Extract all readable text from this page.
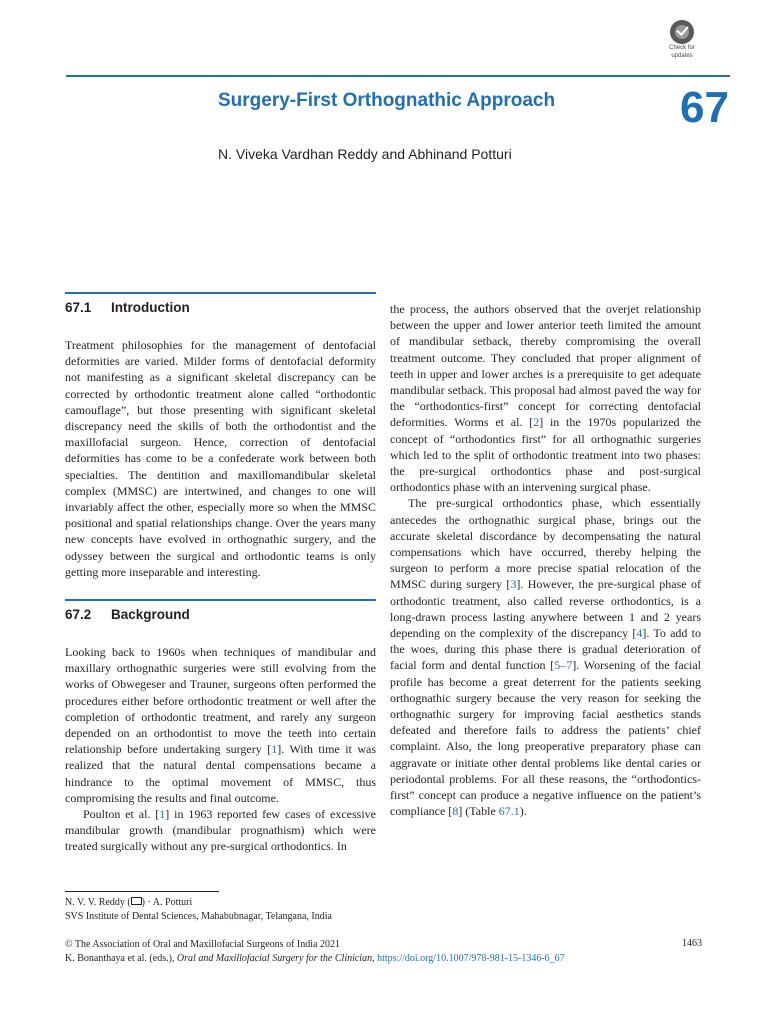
Check for
updates
Surgery-First Orthognathic Approach	67
N. Viveka Vardhan Reddy and Abhinand Potturi
67.1 Introduction

Treatment philosophies for the management of dentofacial deformities are varied. Milder forms of dentofacial deformity not manifesting as a significant skeletal discrepancy can be corrected by orthodontic treatment alone called “orthodontic camouflage”, but those presenting with significant skeletal discrepancy need the skills of both the orthodontist and the maxillofacial surgeon. Hence, correction of dentofacial deformities has come to be a confederate work between both specialties. The dentition and maxillomandibular skeletal complex (MMSC) are intertwined, and changes to one will invariably affect the other, especially more so when the MMSC positional and spatial relationships change. Over the years many new concepts have evolved in orthognathic surgery, and the odyssey between the surgical and orthodontic teams is only getting more inseparable and interesting.

67.2 Background

Looking back to 1960s when techniques of mandibular and maxillary orthognathic surgeries were still evolving from the works of Obwegeser and Trauner, surgeons often performed the procedures either before orthodontic treatment or well after the completion of orthodontic treatment, and rarely any surgeon depended on an orthodontist to move the teeth into certain relationship before undertaking surgery [1]. With time it was realized that the natural dental compensations became a hindrance to the optimal movement of MMSC, thus compromising the results and final outcome.

Poulton et al. [1] in 1963 reported few cases of excessive mandibular growth (mandibular prognathism) which were treated surgically without any pre-surgical orthodontics. In

the process, the authors observed that the overjet relationship between the upper and lower anterior teeth limited the amount of mandibular setback, thereby compromising the overall treatment outcome. They concluded that proper alignment of teeth in upper and lower arches is a prerequisite to get adequate mandibular setback. This proposal had almost paved the way for the “orthodontics-first” concept for correcting dentofacial deformities. Worms et al. [2] in the 1970s popularized the concept of “orthodontics first” for all orthognathic surgeries which led to the split of orthodontic treatment into two phases: the pre-surgical orthodontics phase and post-surgical orthodontics phase with an intervening surgical phase.

The pre-surgical orthodontics phase, which essentially antecedes the orthognathic surgical phase, brings out the accurate skeletal discordance by decompensating the natural compensations which have occurred, thereby helping the surgeon to perform a more precise spatial relocation of the MMSC during surgery [3]. However, the pre-surgical phase of orthodontic treatment, also called reverse orthodontics, is a long-drawn process lasting anywhere between 1 and 2 years depending on the complexity of the discrepancy [4]. To add to the woes, during this phase there is gradual deterioration of facial form and dental function [5–7]. Worsening of the facial profile has become a great deterrent for the patients seeking orthognathic surgery because the very reason for seeking the orthognathic surgery for improving facial aesthetics stands defeated and therefore fails to address the patients’ chief complaint. Also, the long preoperative preparatory phase can aggravate or initiate other dental problems like dental caries or periodontal problems. For all these reasons, the “orthodontics-first” concept can produce a negative influence on the patient’s compliance [8] (Table 67.1).

N. V. V. Reddy ( ) · A. Potturi
SVS Institute of Dental Sciences, Mahabubnagar, Telangana, India
© The Association of Oral and Maxillofacial Surgeons of India 2021
K. Bonanthaya et al. (eds.), Oral and Maxillofacial Surgery for the Clinician, https://doi.org/10.1007/978-981-15-1346-6_67
1463
